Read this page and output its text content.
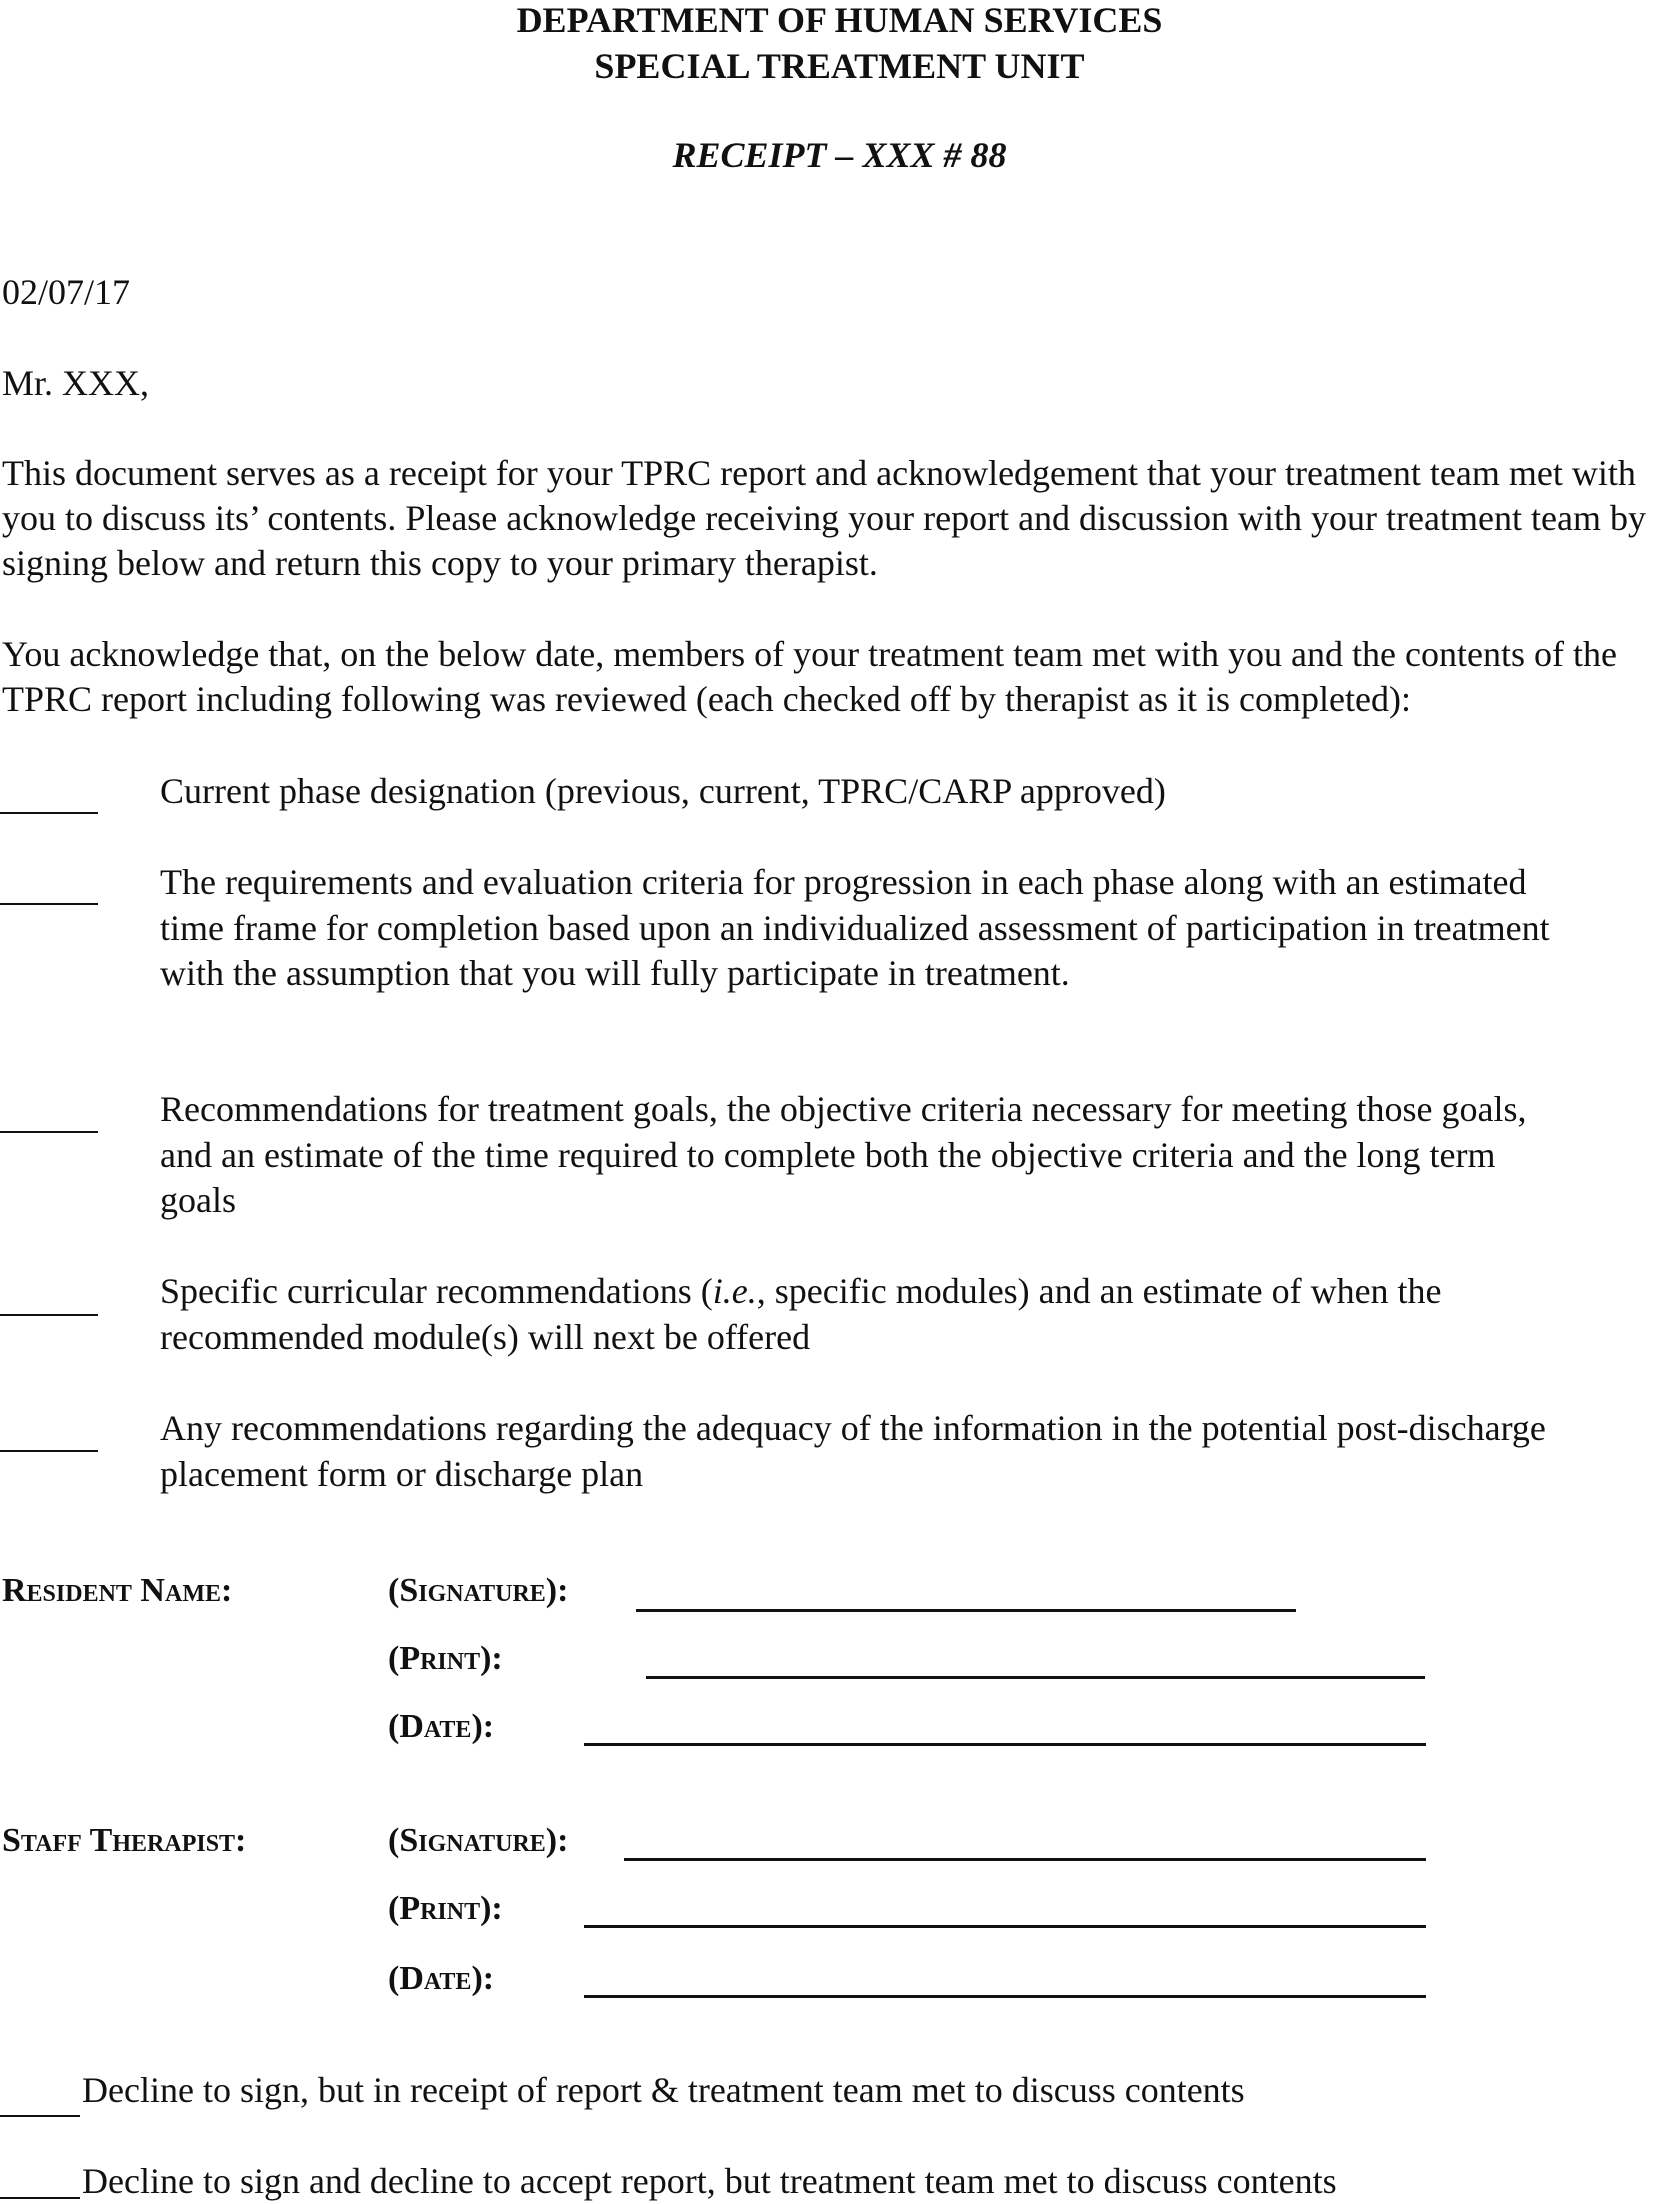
DEPARTMENT OF HUMAN SERVICES
SPECIAL TREATMENT UNIT
RECEIPT – XXX # 88
02/07/17
Mr. XXX,
This document serves as a receipt for your TPRC report and acknowledgement that your treatment team met with you to discuss its’ contents. Please acknowledge receiving your report and discussion with your treatment team by signing below and return this copy to your primary therapist.
You acknowledge that, on the below date, members of your treatment team met with you and the contents of the TPRC report including following was reviewed (each checked off by therapist as it is completed):
Current phase designation (previous, current, TPRC/CARP approved)
The requirements and evaluation criteria for progression in each phase along with an estimated time frame for completion based upon an individualized assessment of participation in treatment with the assumption that you will fully participate in treatment.
Recommendations for treatment goals, the objective criteria necessary for meeting those goals, and an estimate of the time required to complete both the objective criteria and the long term goals
Specific curricular recommendations (i.e., specific modules) and an estimate of when the recommended module(s) will next be offered
Any recommendations regarding the adequacy of the information in the potential post-discharge placement form or discharge plan
Resident Name:	(Signature):
(Print):
(Date):
Staff Therapist:	(Signature):
(Print):
(Date):
Decline to sign, but in receipt of report & treatment team met to discuss contents
Decline to sign and decline to accept report, but treatment team met to discuss contents
